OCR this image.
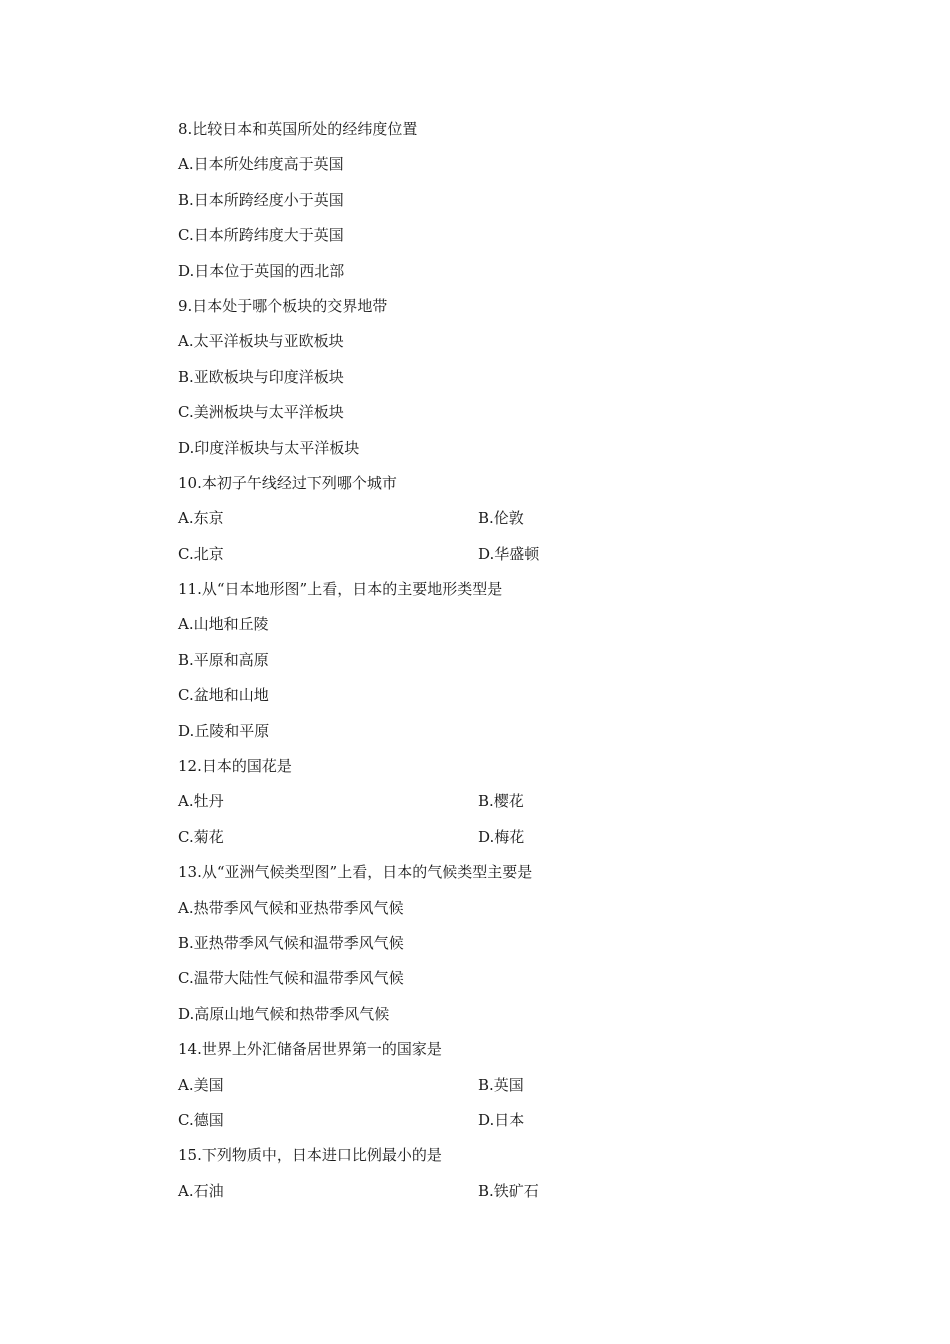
8.比较日本和英国所处的经纬度位置
A.日本所处纬度高于英国
B.日本所跨经度小于英国
C.日本所跨纬度大于英国
D.日本位于英国的西北部
9.日本处于哪个板块的交界地带
A.太平洋板块与亚欧板块
B.亚欧板块与印度洋板块
C.美洲板块与太平洋板块
D.印度洋板块与太平洋板块
10.本初子午线经过下列哪个城市
A.东京	B.伦敦
C.北京	D.华盛顿
11.从“日本地形图”上看，日本的主要地形类型是
A.山地和丘陵
B.平原和高原
C.盆地和山地
D.丘陵和平原
12.日本的国花是
A.牡丹	B.樱花
C.菊花	D.梅花
13.从“亚洲气候类型图”上看，日本的气候类型主要是
A.热带季风气候和亚热带季风气候
B.亚热带季风气候和温带季风气候
C.温带大陆性气候和温带季风气候
D.高原山地气候和热带季风气候
14.世界上外汇储备居世界第一的国家是
A.美国	B.英国
C.德国	D.日本
15.下列物质中，日本进口比例最小的是
A.石油	B.铁矿石
